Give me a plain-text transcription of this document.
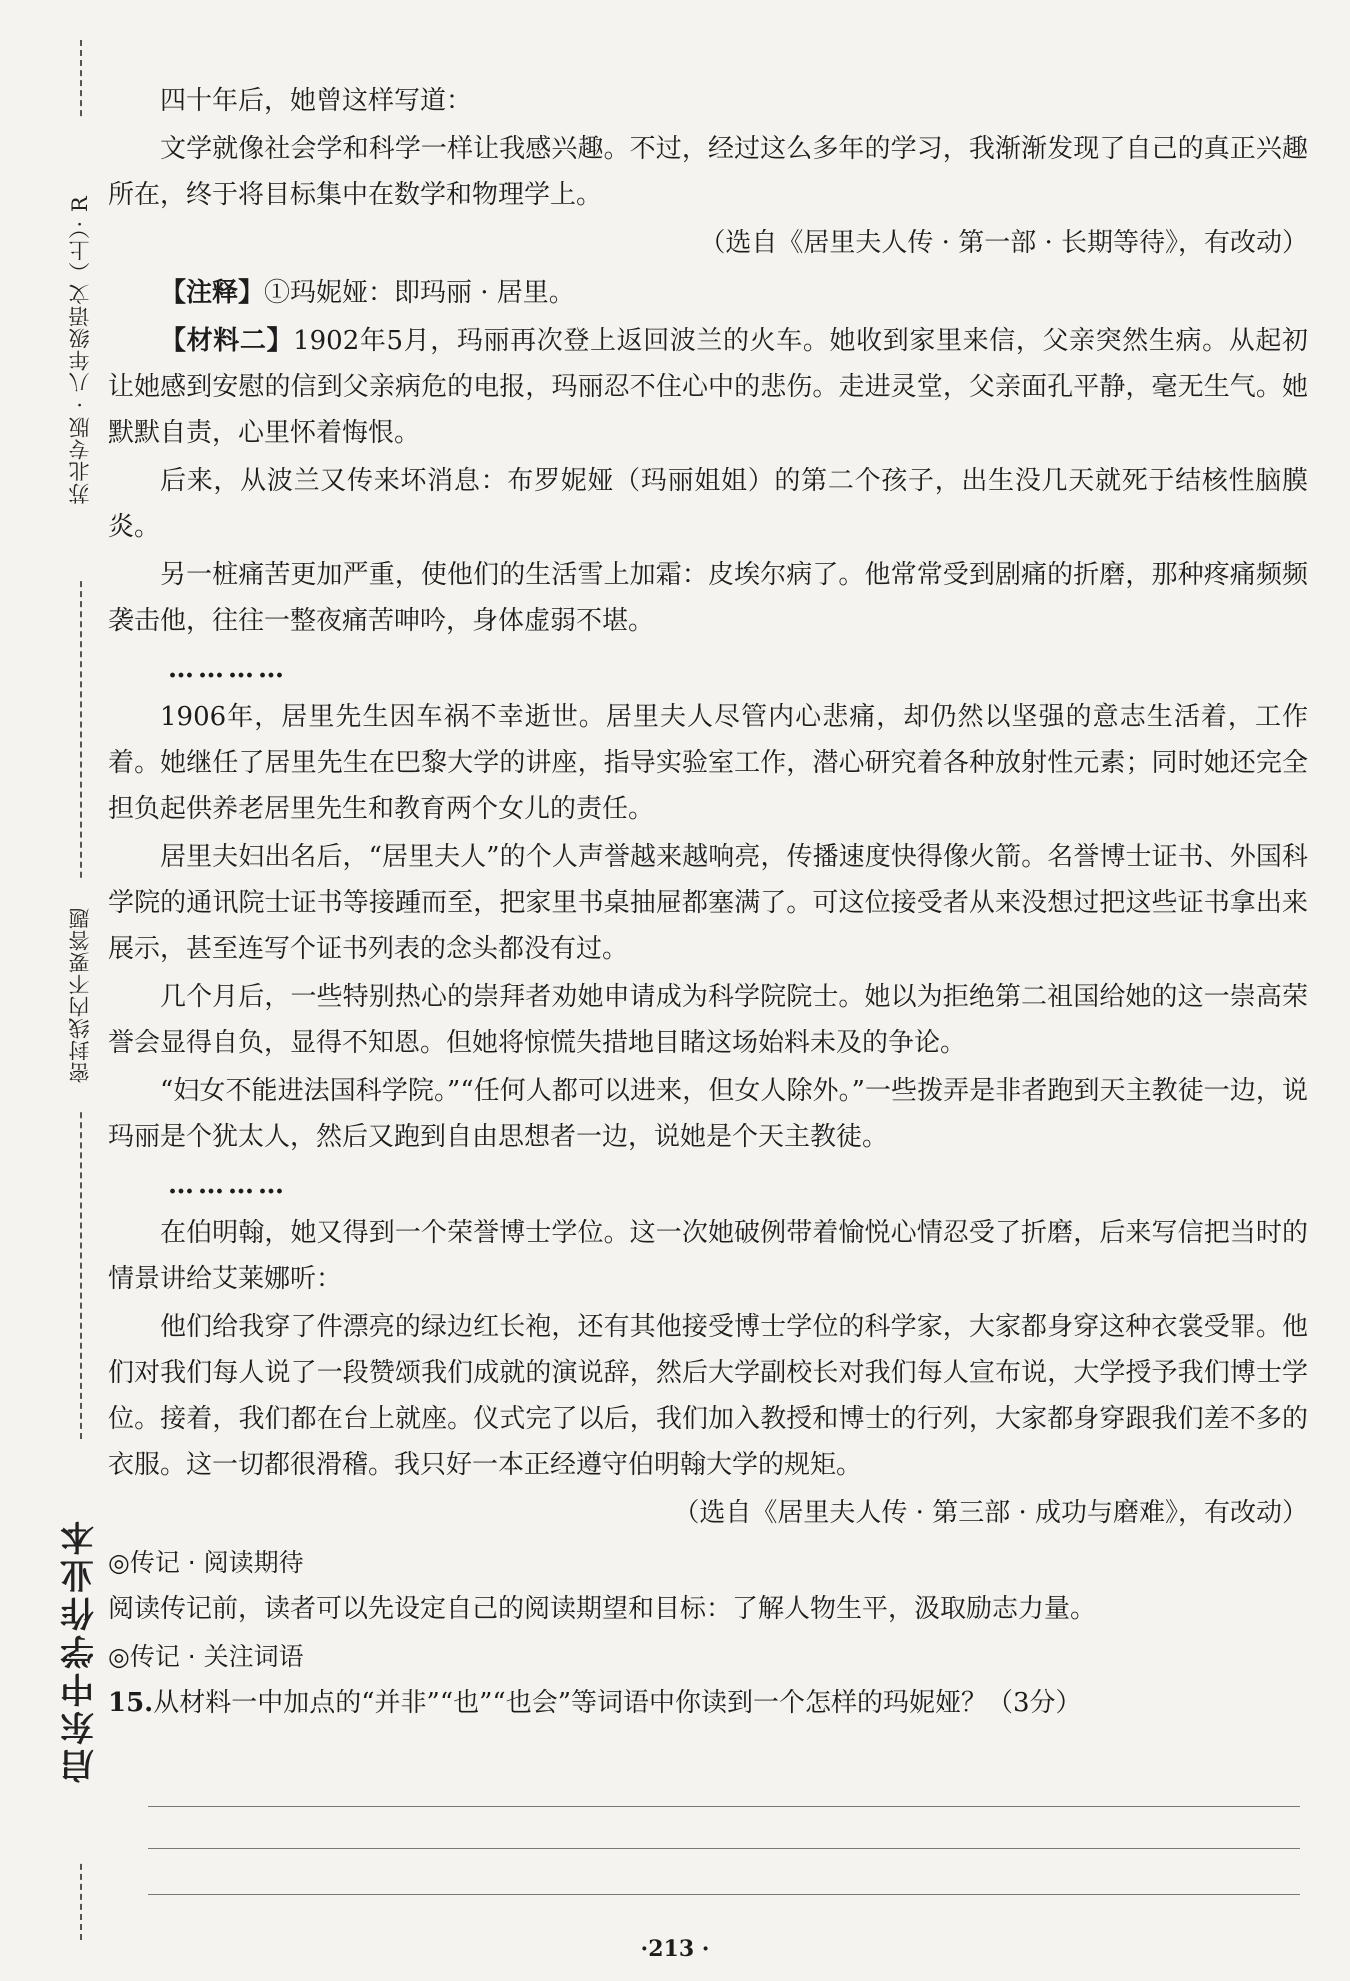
苏北专版 · 八年级语文（上）· R
密封线内不要答题
启东中学作业本

四十年后，她曾这样写道：

文学就像社会学和科学一样让我感兴趣。不过，经过这么多年的学习，我渐渐发现了自己的真正兴趣所在，终于将目标集中在数学和物理学上。

（选自《居里夫人传 · 第一部 · 长期等待》，有改动）

【注释】①玛妮娅：即玛丽 · 居里。

【材料二】1902年5月，玛丽再次登上返回波兰的火车。她收到家里来信，父亲突然生病。从起初让她感到安慰的信到父亲病危的电报，玛丽忍不住心中的悲伤。走进灵堂，父亲面孔平静，毫无生气。她默默自责，心里怀着悔恨。

后来，从波兰又传来坏消息：布罗妮娅（玛丽姐姐）的第二个孩子，出生没几天就死于结核性脑膜炎。

另一桩痛苦更加严重，使他们的生活雪上加霜：皮埃尔病了。他常常受到剧痛的折磨，那种疼痛频频袭击他，往往一整夜痛苦呻吟，身体虚弱不堪。

…………

1906年，居里先生因车祸不幸逝世。居里夫人尽管内心悲痛，却仍然以坚强的意志生活着，工作着。她继任了居里先生在巴黎大学的讲座，指导实验室工作，潜心研究着各种放射性元素；同时她还完全担负起供养老居里先生和教育两个女儿的责任。

居里夫妇出名后，“居里夫人”的个人声誉越来越响亮，传播速度快得像火箭。名誉博士证书、外国科学院的通讯院士证书等接踵而至，把家里书桌抽屉都塞满了。可这位接受者从来没想过把这些证书拿出来展示，甚至连写个证书列表的念头都没有过。

几个月后，一些特别热心的崇拜者劝她申请成为科学院院士。她以为拒绝第二祖国给她的这一崇高荣誉会显得自负，显得不知恩。但她将惊慌失措地目睹这场始料未及的争论。

“妇女不能进法国科学院。”“任何人都可以进来，但女人除外。”一些拨弄是非者跑到天主教徒一边，说玛丽是个犹太人，然后又跑到自由思想者一边，说她是个天主教徒。

…………

在伯明翰，她又得到一个荣誉博士学位。这一次她破例带着愉悦心情忍受了折磨，后来写信把当时的情景讲给艾莱娜听：

他们给我穿了件漂亮的绿边红长袍，还有其他接受博士学位的科学家，大家都身穿这种衣裳受罪。他们对我们每人说了一段赞颂我们成就的演说辞，然后大学副校长对我们每人宣布说，大学授予我们博士学位。接着，我们都在台上就座。仪式完了以后，我们加入教授和博士的行列，大家都身穿跟我们差不多的衣服。这一切都很滑稽。我只好一本正经遵守伯明翰大学的规矩。

（选自《居里夫人传 · 第三部 · 成功与磨难》，有改动）

◎传记 · 阅读期待

阅读传记前，读者可以先设定自己的阅读期望和目标：了解人物生平，汲取励志力量。

◎传记 · 关注词语

15.从材料一中加点的“并非”“也”“也会”等词语中你读到一个怎样的玛妮娅？（3分）

·213 ·
